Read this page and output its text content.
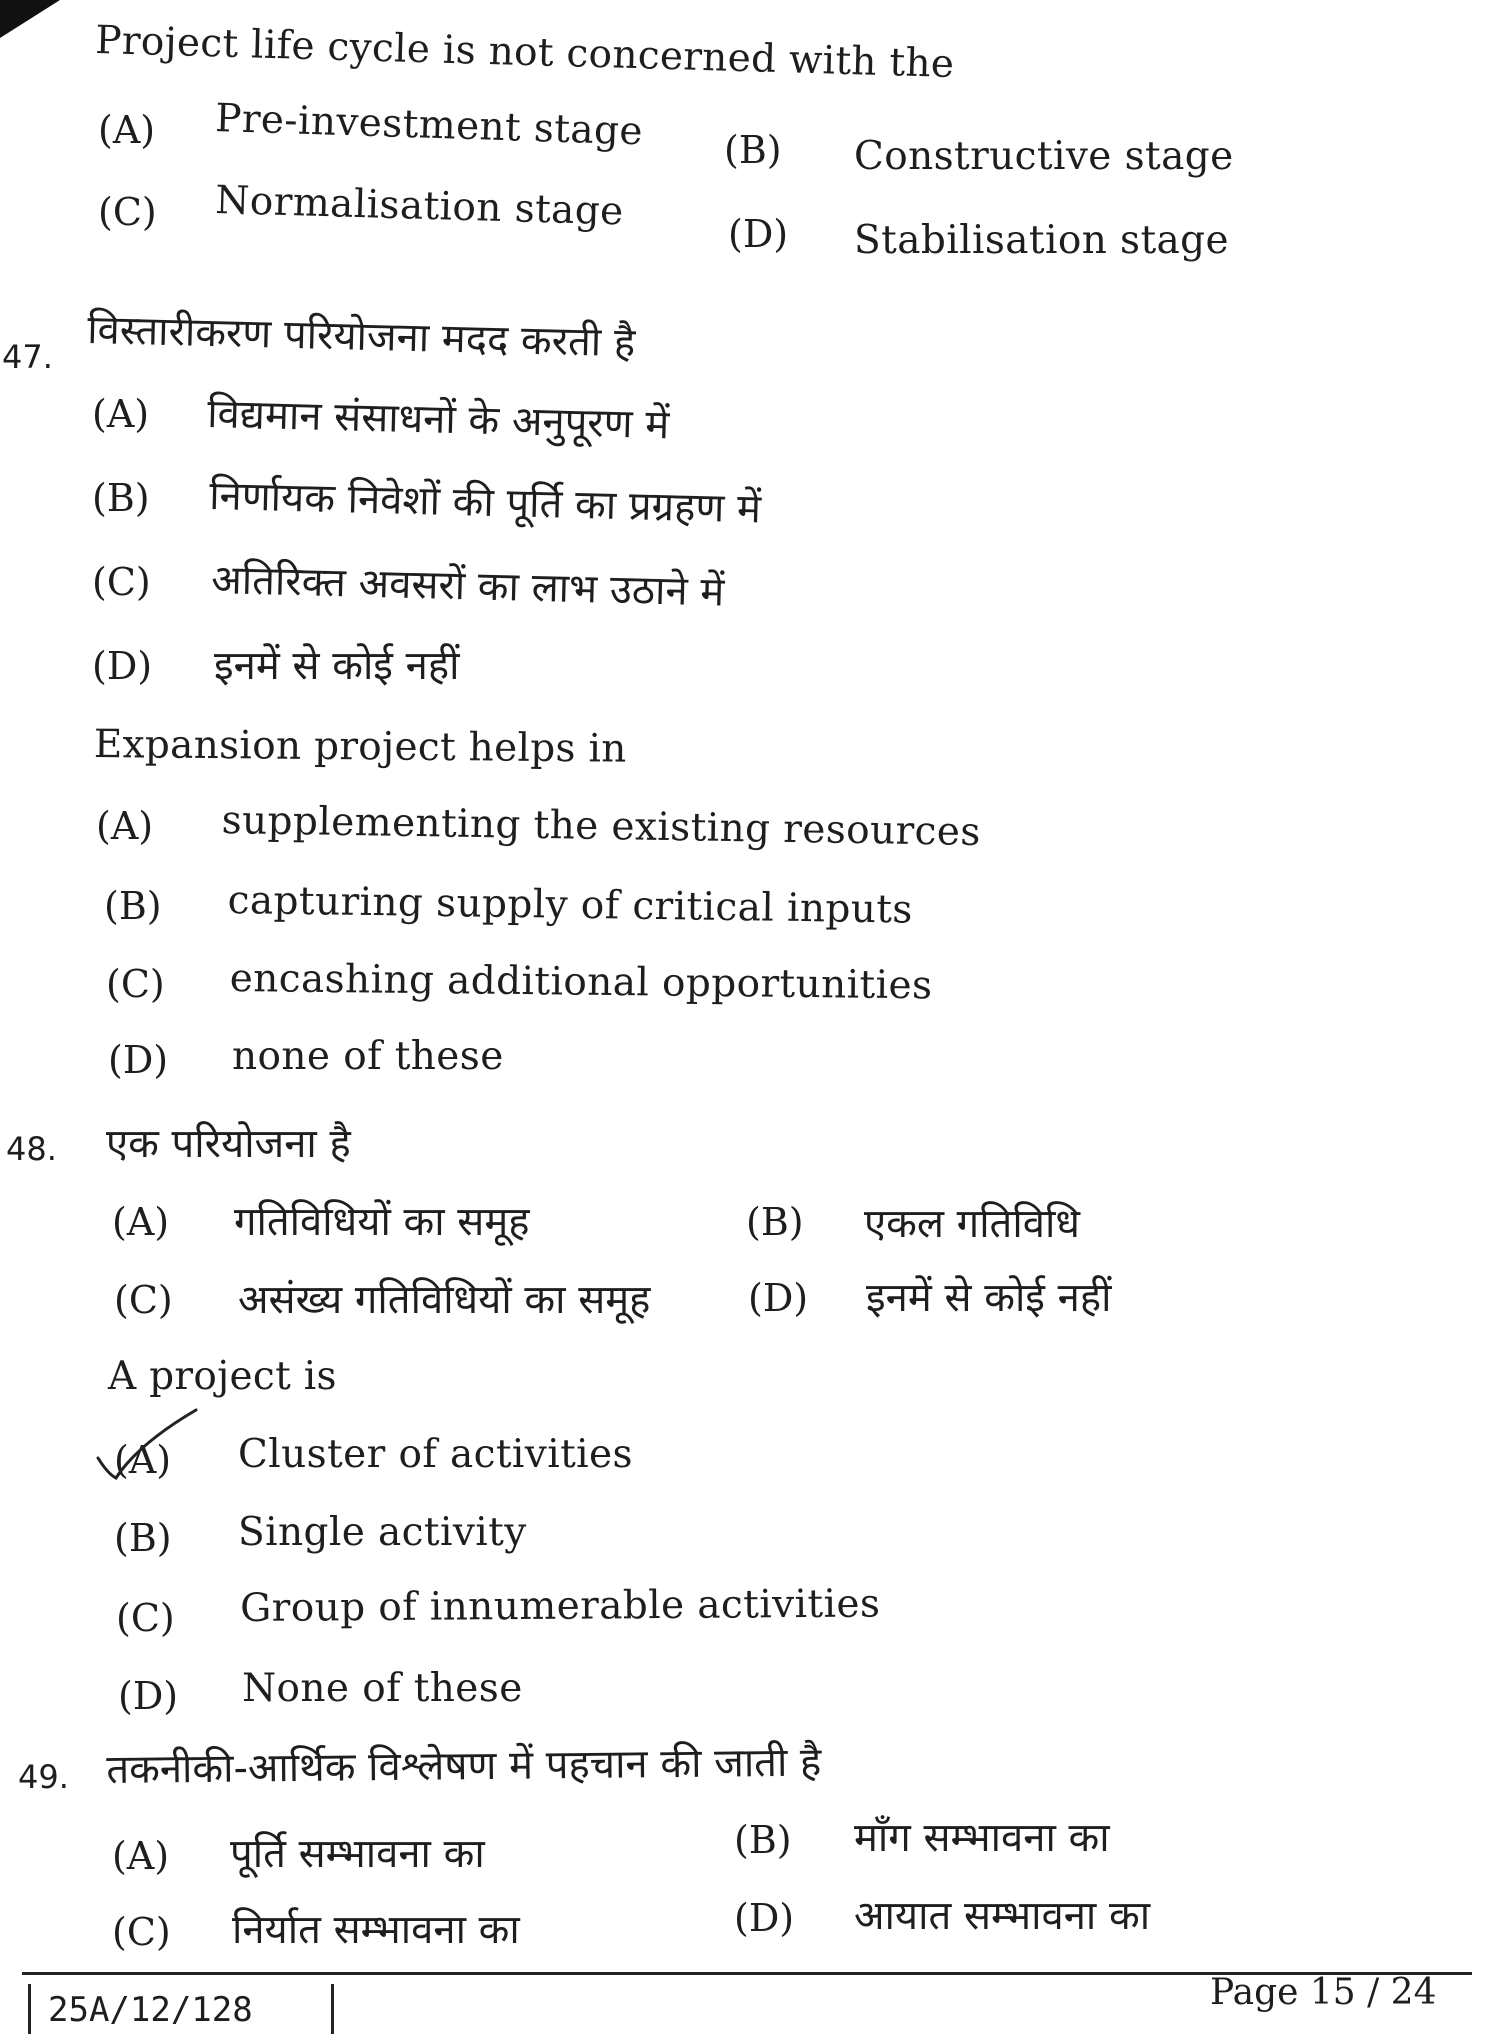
Project life cycle is not concerned with the
(A) Pre-investment stage (B) Constructive stage
(C) Normalisation stage	(D) Stabilisation stage
47. विस्तारीकरण परियोजना मदद करती है
(A) विद्यमान संसाधनों के अनुपूरण में
(B) निर्णायक निवेशों की पूर्ति का प्रग्रहण में
(C) अतिरिक्त अवसरों का लाभ उठाने में
(D) इनमें से कोई नहीं
Expansion project helps in
(A) supplementing the existing resources
(B) capturing supply of critical inputs
(C) encashing additional opportunities
(D) none of these
48. एक परियोजना है
(A) गतिविधियों का समूह	(B) एकल गतिविधि
(C) असंख्य गतिविधियों का समूह	(D) इनमें से कोई नहीं
A project is
(A) Cluster of activities
(B) Single activity
(C) Group of innumerable activities
(D) None of these
49. तकनीकी-आर्थिक विश्लेषण में पहचान की जाती है
(A) पूर्ति सम्भावना का	(B) माँग सम्भावना का
(C) निर्यात सम्भावना का	(D) आयात सम्भावना का
25A/12/128	Page 15 / 24
